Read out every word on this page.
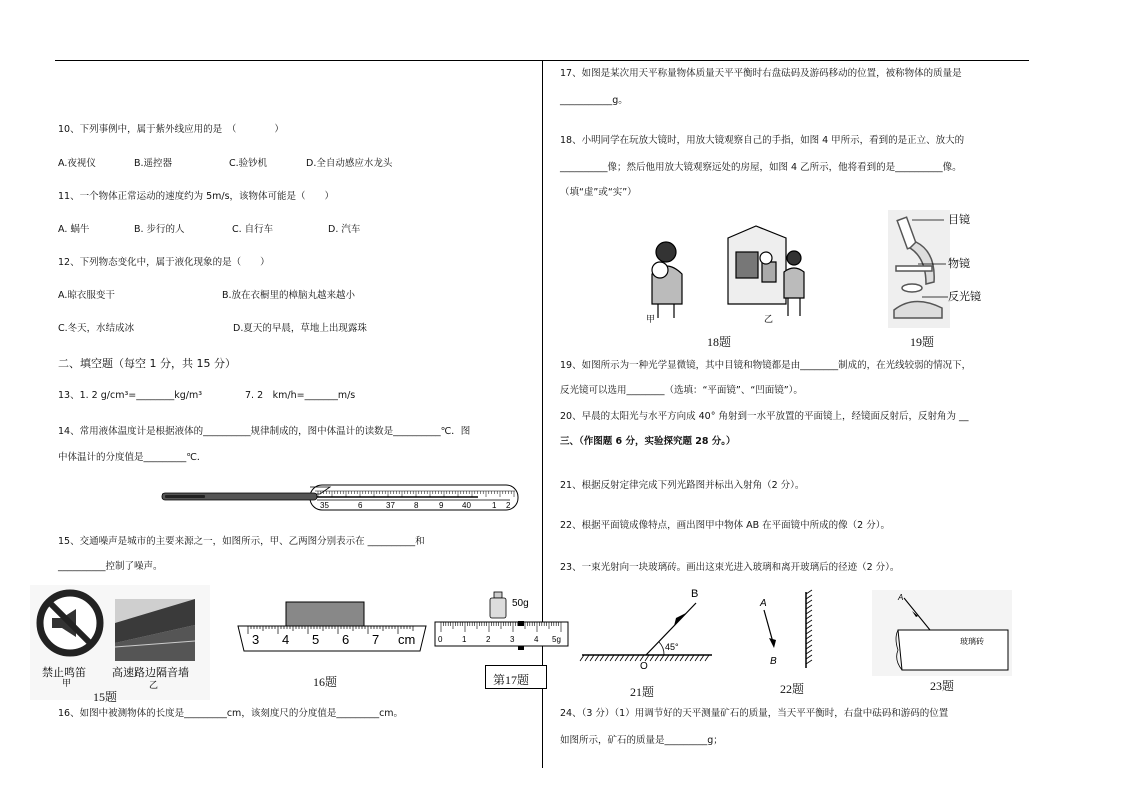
10、下列事例中，属于紫外线应用的是　（　　　　）
A.夜视仪	B.遥控器	C.验钞机	D.全自动感应水龙头
11、一个物体正常运动的速度约为 5m/s，该物体可能是（　　）
A. 蜗牛	B. 步行的人	C. 自行车	D. 汽车
12、下列物态变化中，属于液化现象的是（　　）
A.晾衣服变干	B.放在衣橱里的樟脑丸越来越小
C.冬天，水结成冰	D.夏天的早晨，草地上出现露珠
二、填空题（每空 1 分，共 15 分）
13、1. 2 g/cm³=________kg/m³	7. 2　km/h=_______m/s
14、常用液体温度计是根据液体的__________规律制成的，图中体温计的读数是__________℃．图
中体温计的分度值是_________℃．
35	6	37 8	9 40	1 2
15、交通噪声是城市的主要来源之一，如图所示，甲、乙两图分别表示在 __________和
__________控制了噪声。
禁止鸣笛 高速路边隔音墙
甲	乙
15题
3 4 5 6 7 cm
16题
50g
0 1 2 3 4 5g
第17题
16、如图中被测物体的长度是_________cm，该刻度尺的分度值是_________cm。
17、如图是某次用天平称量物体质量天平平衡时右盘砝码及游码移动的位置，被称物体的质量是
___________g。
18、小明同学在玩放大镜时，用放大镜观察自己的手指，如图 4 甲所示，看到的是正立、放大的
__________像；然后他用放大镜观察远处的房屋，如图 4 乙所示，他将看到的是__________像。
（填“虚”或“实”）
甲	乙
18题
目镜
物镜
反光镜
19题
19、如图所示为一种光学显微镜，其中目镜和物镜都是由________制成的，在光线较弱的情况下，
反光镜可以选用________（选填：“平面镜”、“凹面镜”）。
20、早晨的太阳光与水平方向成 40° 角射到一水平放置的平面镜上，经镜面反射后，反射角为 __
三、（作图题 6 分，实验探究题 28 分。）
21、根据反射定律完成下列光路图并标出入射角（2 分）。
22、根据平面镜成像特点，画出图甲中物体 AB 在平面镜中所成的像（2 分）。
23、一束光射向一块玻璃砖。画出这束光进入玻璃和离开玻璃后的径迹（2 分）。
B
45°
O
21题
A
B
22题
A
玻璃砖
23题
24、（3 分）（1）用调节好的天平测量矿石的质量，当天平平衡时，右盘中砝码和游码的位置
如图所示，矿石的质量是_________g；
